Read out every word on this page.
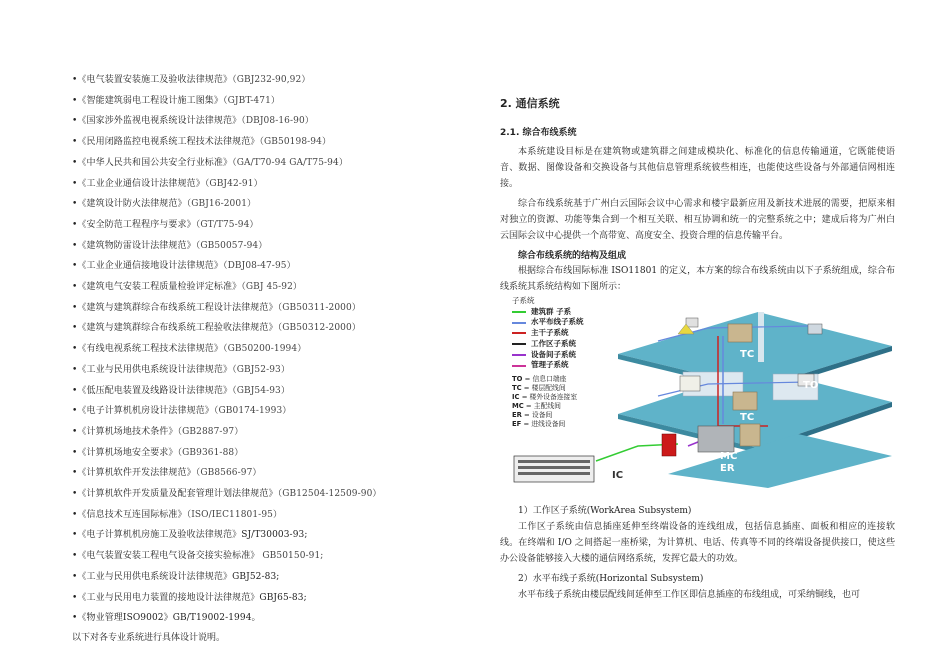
•《电气装置安装施工及验收法律规范》（GBJ232-90,92）
•《智能建筑弱电工程设计施工图集》（GJBT-471）
•《国家涉外监视电视系统设计法律规范》（DBJ08-16-90）
•《民用闭路监控电视系统工程技术法律规范》（GB50198-94）
•《中华人民共和国公共安全行业标准》（GA/T70-94 GA/T75-94）
•《工业企业通信设计法律规范》（GBJ42-91）
•《建筑设计防火法律规范》（GBJ16-2001）
•《安全防范工程程序与要求》（GT/T75-94）
•《建筑物防雷设计法律规范》（GB50057-94）
•《工业企业通信接地设计法律规范》（DBJ08-47-95）
•《建筑电气安装工程质量检验评定标准》（GBJ 45-92）
•《建筑与建筑群综合布线系统工程设计法律规范》（GB50311-2000）
•《建筑与建筑群综合布线系统工程验收法律规范》（GB50312-2000）
•《有线电视系统工程技术法律规范》（GB50200-1994）
•《工业与民用供电系统设计法律规范》（GBJ52-93）
•《低压配电装置及线路设计法律规范》（GBJ54-93）
•《电子计算机机房设计法律规范》（GB0174-1993）
•《计算机场地技术条件》（GB2887-97）
•《计算机场地安全要求》（GB9361-88）
•《计算机软件开发法律规范》（GB8566-97）
•《计算机软件开发质量及配套管理计划法律规范》（GB12504-12509-90）
•《信息技术互连国际标准》（ISO/IEC11801-95）
•《电子计算机机房施工及验收法律规范》SJ/T30003-93;
•《电气装置安装工程电气设备交接实验标准》 GB50150-91;
•《工业与民用供电系统设计法律规范》GBJ52-83;
•《工业与民用电力装置的接地设计法律规范》GBJ65-83;
•《物业管理ISO9002》GB/T19002-1994。
以下对各专业系统进行具体设计说明。
2. 通信系统
2.1. 综合布线系统
本系统建设目标是在建筑物或建筑群之间建成模块化、标准化的信息传输通道，它既能使语音、数据、图像设备和交换设备与其他信息管理系统彼些相连，也能使这些设备与外部通信网相连接。
综合布线系统基于广州白云国际会议中心需求和楼宇最新应用及新技术进展的需要，把原来相对独立的资源、功能等集合到一个相互关联、相互协调和统一的完整系统之中；建成后将为广州白云国际会议中心提供一个高带宽、高度安全、投资合理的信息传输平台。
综合布线系统的结构及组成
根据综合布线国际标准 ISO11801 的定义，本方案的综合布线系统由以下子系统组成，综合布线系统其系统结构如下图所示：
1）工作区子系统(WorkArea Subsystem)
工作区子系统由信息插座延伸至终端设备的连线组成，包括信息插座、面板和相应的连接软线。在终端和 I/O 之间搭起一座桥梁，为计算机、电话、传真等不同的终端设备提供接口，使这些办公设备能够接入大楼的通信网络系统，发挥它最大的功效。
2）水平布线子系统(Horizontal Subsystem)
水平布线子系统由楼层配线间延伸至工作区即信息插座的布线组成，可采纳铜线，也可
TC
TC
TO
IC
EF
MC
ER
子系统
建筑群 子系
水平布线子系统
主干子系统
工作区子系统
设备间子系统
管理子系统
TO = 信息口端座
TC = 楼层配线间
IC = 楼外设备连接室
MC = 主配线间
ER = 设备间
EF = 进线设备间
